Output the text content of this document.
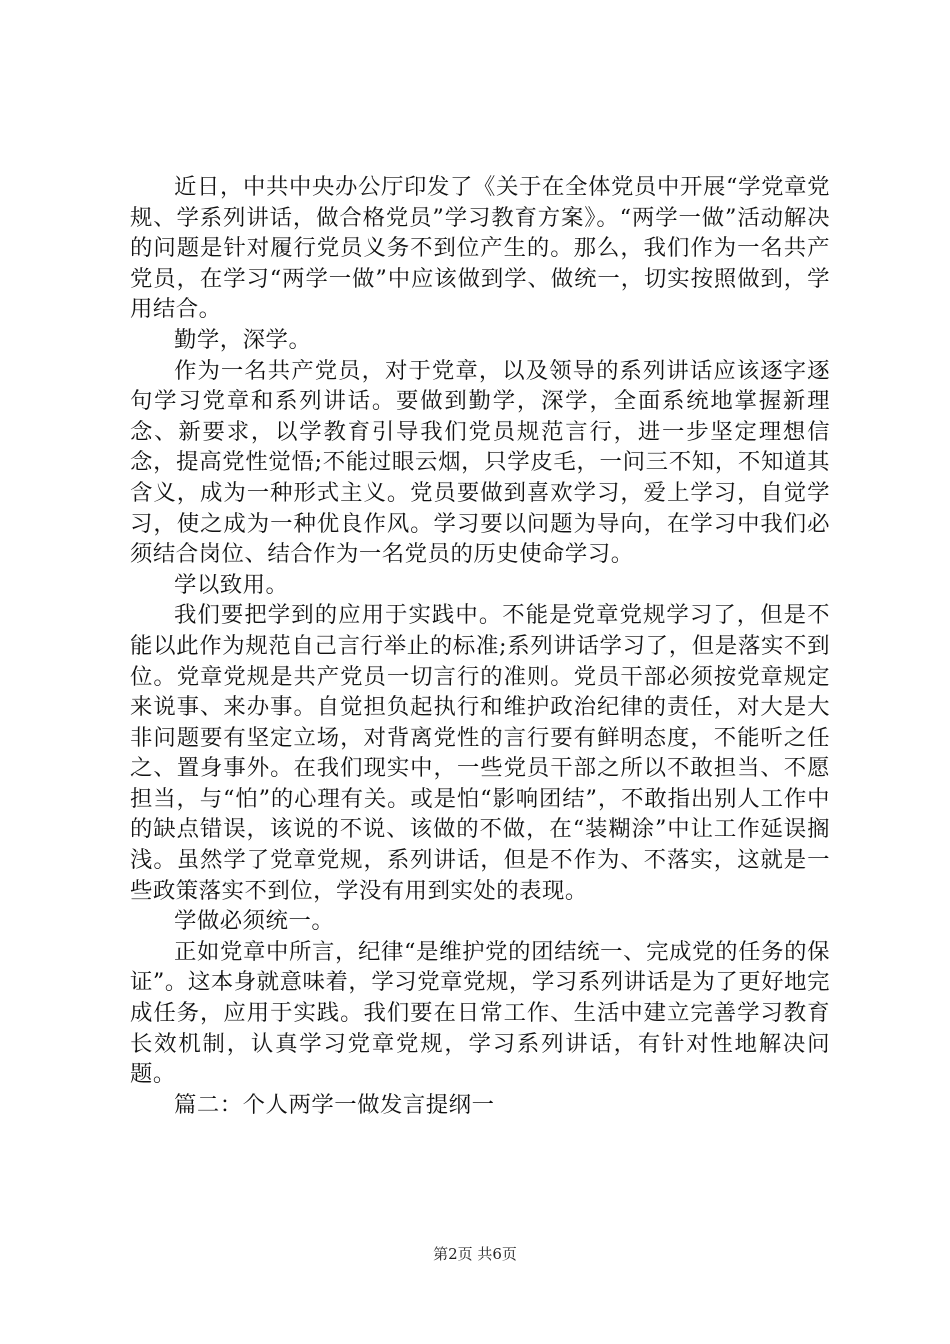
近日，中共中央办公厅印发了《关于在全体党员中开展“学党章党规、学系列讲话，做合格党员”学习教育方案》。“两学一做”活动解决的问题是针对履行党员义务不到位产生的。那么，我们作为一名共产党员，在学习“两学一做”中应该做到学、做统一，切实按照做到，学用结合。

勤学，深学。

作为一名共产党员，对于党章，以及领导的系列讲话应该逐字逐句学习党章和系列讲话。要做到勤学，深学，全面系统地掌握新理念、新要求，以学教育引导我们党员规范言行，进一步坚定理想信念，提高党性觉悟;不能过眼云烟，只学皮毛，一问三不知，不知道其含义，成为一种形式主义。党员要做到喜欢学习，爱上学习，自觉学习，使之成为一种优良作风。学习要以问题为导向，在学习中我们必须结合岗位、结合作为一名党员的历史使命学习。

学以致用。

我们要把学到的应用于实践中。不能是党章党规学习了，但是不能以此作为规范自己言行举止的标准;系列讲话学习了，但是落实不到位。党章党规是共产党员一切言行的准则。党员干部必须按党章规定来说事、来办事。自觉担负起执行和维护政治纪律的责任，对大是大非问题要有坚定立场，对背离党性的言行要有鲜明态度，不能听之任之、置身事外。在我们现实中，一些党员干部之所以不敢担当、不愿担当，与“怕”的心理有关。或是怕“影响团结”，不敢指出别人工作中的缺点错误，该说的不说、该做的不做，在“装糊涂”中让工作延误搁浅。虽然学了党章党规，系列讲话，但是不作为、不落实，这就是一些政策落实不到位，学没有用到实处的表现。

学做必须统一。

正如党章中所言，纪律“是维护党的团结统一、完成党的任务的保证”。这本身就意味着，学习党章党规，学习系列讲话是为了更好地完成任务，应用于实践。我们要在日常工作、生活中建立完善学习教育长效机制，认真学习党章党规，学习系列讲话，有针对性地解决问题。

篇二：个人两学一做发言提纲一

第2页 共6页
